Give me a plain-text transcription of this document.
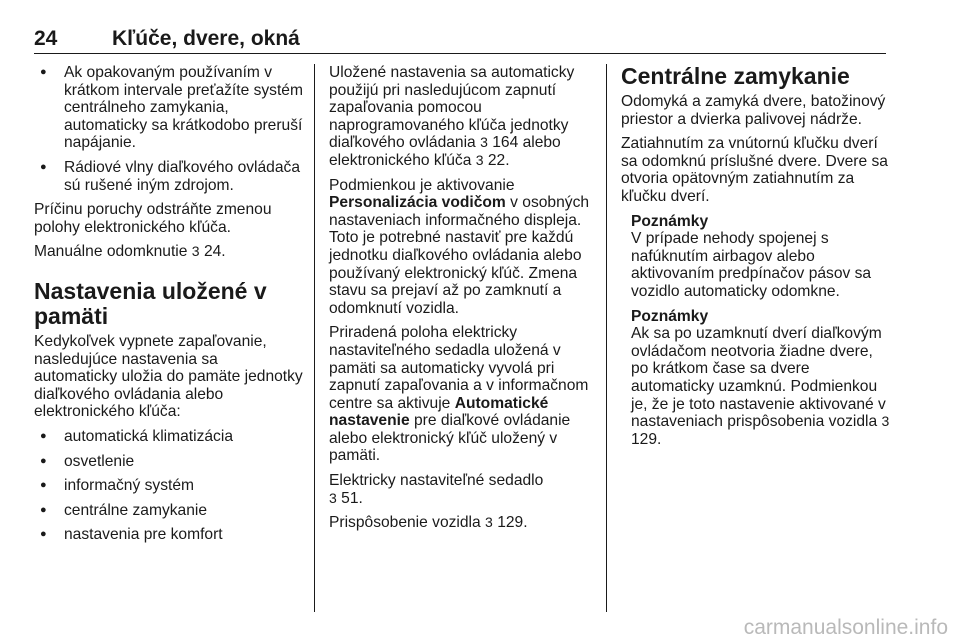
24	Kľúče, dvere, okná
● Ak opakovaným používaním v krátkom intervale preťažíte systém centrálneho zamykania, automaticky sa krátkodobo preruší napájanie.
● Rádiové vlny diaľkového ovládača sú rušené iným zdrojom.

Príčinu poruchy odstráňte zmenou polohy elektronického kľúča.

Manuálne odomknutie 3 24.

Nastavenia uložené v pamäti

Kedykoľvek vypnete zapaľovanie, nasledujúce nastavenia sa automaticky uložia do pamäte jednotky diaľkového ovládania alebo elektronického kľúča:

● automatická klimatizácia
● osvetlenie
● informačný systém
● centrálne zamykanie
● nastavenia pre komfort

Uložené nastavenia sa automaticky použijú pri nasledujúcom zapnutí zapaľovania pomocou naprogramovaného kľúča jednotky diaľkového ovládania 3 164 alebo elektronického kľúča 3 22.

Podmienkou je aktivovanie Personalizácia vodičom v osobných nastaveniach informačného displeja. Toto je potrebné nastaviť pre každú jednotku diaľkového ovládania alebo používaný elektronický kľúč. Zmena stavu sa prejaví až po zamknutí a odomknutí vozidla.

Priradená poloha elektricky nastaviteľného sedadla uložená v pamäti sa automaticky vyvolá pri zapnutí zapaľovania a v informačnom centre sa aktivuje Automatické nastavenie pre diaľkové ovládanie alebo elektronický kľúč uložený v pamäti.

Elektricky nastaviteľné sedadlo
3 51.

Prispôsobenie vozidla 3 129.

Centrálne zamykanie

Odomyká a zamyká dvere, batožinový priestor a dvierka palivovej nádrže.

Zatiahnutím za vnútornú kľučku dverí sa odomknú príslušné dvere. Dvere sa otvoria opätovným zatiahnutím za kľučku dverí.

Poznámky
V prípade nehody spojenej s nafúknutím airbagov alebo aktivovaním predpínačov pásov sa vozidlo automaticky odomkne.
Poznámky
Ak sa po uzamknutí dverí diaľkovým ovládačom neotvoria žiadne dvere, po krátkom čase sa dvere automaticky uzamknú. Podmienkou je, že je toto nastavenie aktivované v nastaveniach prispôsobenia vozidla 3 129.
carmanualsonline.info
